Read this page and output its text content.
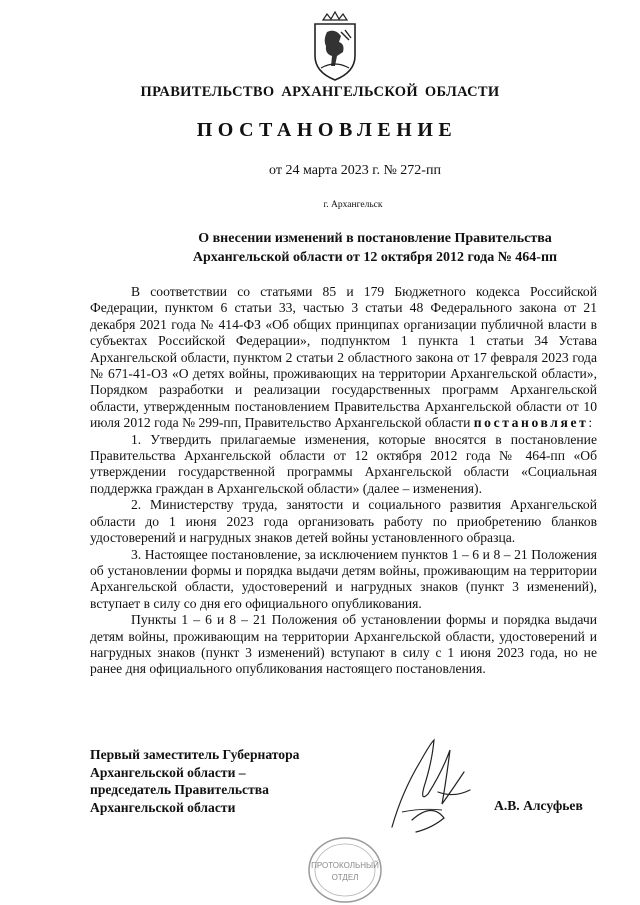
ПРАВИТЕЛЬСТВО АРХАНГЕЛЬСКОЙ ОБЛАСТИ
ПОСТАНОВЛЕНИЕ
от 24 марта 2023 г. № 272-пп
г. Архангельск
О внесении изменений в постановление Правительства
Архангельской области от 12 октября 2012 года № 464-пп

В соответствии со статьями 85 и 179 Бюджетного кодекса Российской Федерации, пунктом 6 статьи 33, частью 3 статьи 48 Федерального закона от 21 декабря 2021 года № 414-ФЗ «Об общих принципах организации публичной власти в субъектах Российской Федерации», подпунктом 1 пункта 1 статьи 34 Устава Архангельской области, пунктом 2 статьи 2 областного закона от 17 февраля 2023 года № 671-41-ОЗ «О детях войны, проживающих на территории Архангельской области», Порядком разработки и реализации государственных программ Архангельской области, утвержденным постановлением Правительства Архангельской области от 10 июля 2012 года № 299-пп, Правительство Архангельской области постановляет:

1. Утвердить прилагаемые изменения, которые вносятся в постановление Правительства Архангельской области от 12 октября 2012 года № 464-пп «Об утверждении государственной программы Архангельской области «Социальная поддержка граждан в Архангельской области» (далее – изменения).

2. Министерству труда, занятости и социального развития Архангельской области до 1 июня 2023 года организовать работу по приобретению бланков удостоверений и нагрудных знаков детей войны установленного образца.

3. Настоящее постановление, за исключением пунктов 1 – 6 и 8 – 21 Положения об установлении формы и порядка выдачи детям войны, проживающим на территории Архангельской области, удостоверений и нагрудных знаков (пункт 3 изменений), вступает в силу со дня его официального опубликования.

Пункты 1 – 6 и 8 – 21 Положения об установлении формы и порядка выдачи детям войны, проживающим на территории Архангельской области, удостоверений и нагрудных знаков (пункт 3 изменений) вступают в силу с 1 июня 2023 года, но не ранее дня официального опубликования настоящего постановления.

Первый заместитель Губернатора
Архангельской области –
председатель Правительства
Архангельской области	А.В. Алсуфьев
ПРОТОКОЛЬНЫЙ
ОТДЕЛ
